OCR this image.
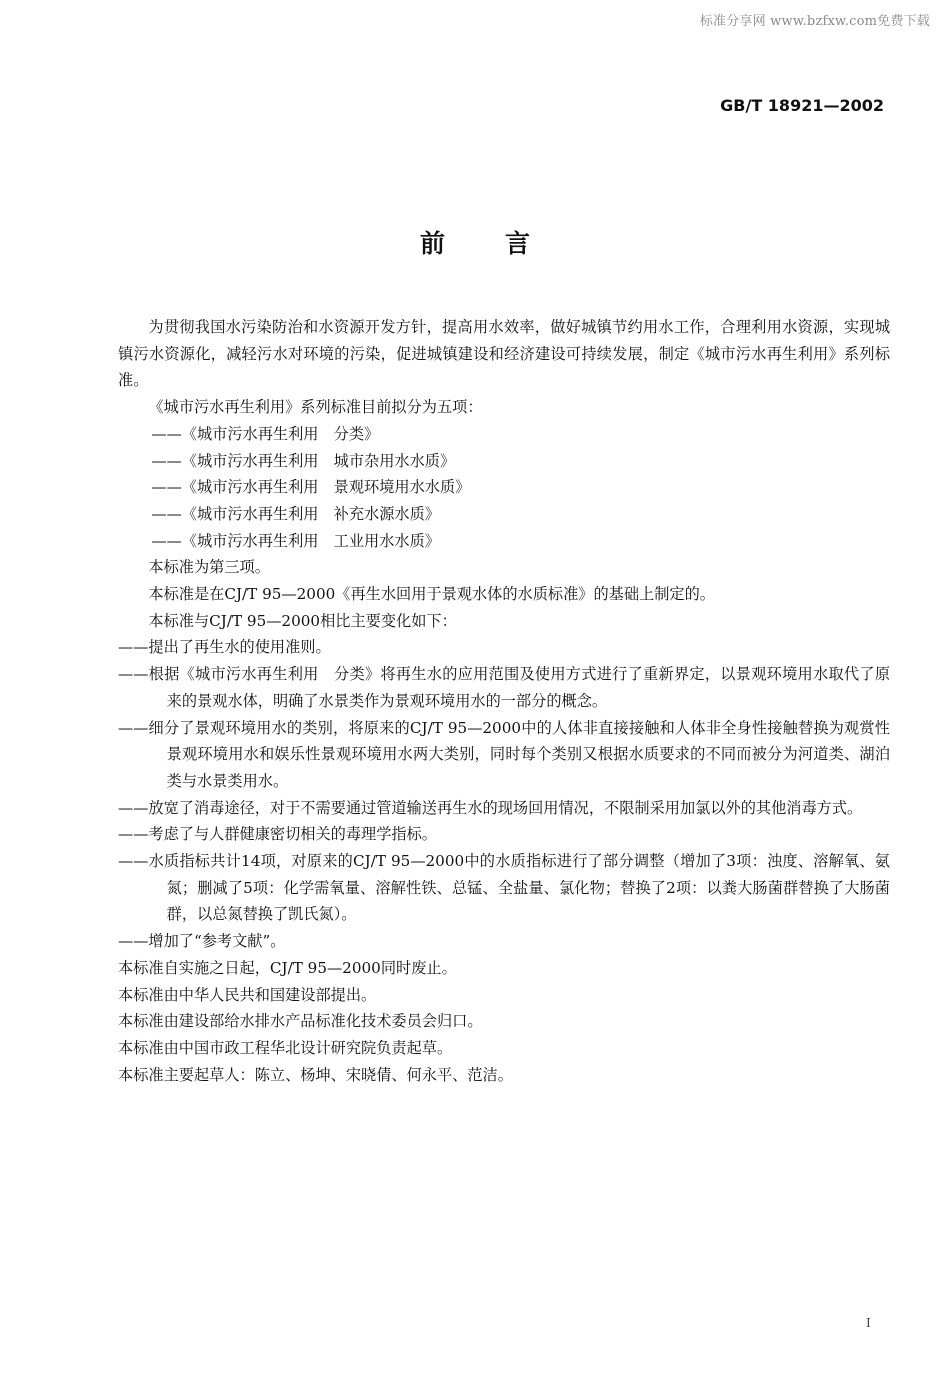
标准分享网 www.bzfxw.com免费下载
GB/T 18921—2002
前言

为贯彻我国水污染防治和水资源开发方针，提高用水效率，做好城镇节约用水工作，合理利用水资源，实现城镇污水资源化，减轻污水对环境的污染，促进城镇建设和经济建设可持续发展，制定《城市污水再生利用》系列标准。

《城市污水再生利用》系列标准目前拟分为五项：

——《城市污水再生利用　分类》

——《城市污水再生利用　城市杂用水水质》

——《城市污水再生利用　景观环境用水水质》

——《城市污水再生利用　补充水源水质》

——《城市污水再生利用　工业用水水质》

本标准为第三项。

本标准是在CJ/T 95—2000《再生水回用于景观水体的水质标准》的基础上制定的。

本标准与CJ/T 95—2000相比主要变化如下：

——提出了再生水的使用准则。

——根据《城市污水再生利用　分类》将再生水的应用范围及使用方式进行了重新界定，以景观环境用水取代了原来的景观水体，明确了水景类作为景观环境用水的一部分的概念。

——细分了景观环境用水的类别，将原来的CJ/T 95—2000中的人体非直接接触和人体非全身性接触替换为观赏性景观环境用水和娱乐性景观环境用水两大类别，同时每个类别又根据水质要求的不同而被分为河道类、湖泊类与水景类用水。

——放宽了消毒途径，对于不需要通过管道输送再生水的现场回用情况，不限制采用加氯以外的其他消毒方式。

——考虑了与人群健康密切相关的毒理学指标。

——水质指标共计14项，对原来的CJ/T 95—2000中的水质指标进行了部分调整（增加了3项：浊度、溶解氧、氨氮；删减了5项：化学需氧量、溶解性铁、总锰、全盐量、氯化物；替换了2项：以粪大肠菌群替换了大肠菌群，以总氮替换了凯氏氮）。

——增加了“参考文献”。

本标准自实施之日起，CJ/T 95—2000同时废止。

本标准由中华人民共和国建设部提出。

本标准由建设部给水排水产品标准化技术委员会归口。

本标准由中国市政工程华北设计研究院负责起草。

本标准主要起草人：陈立、杨坤、宋晓倩、何永平、范洁。

I
